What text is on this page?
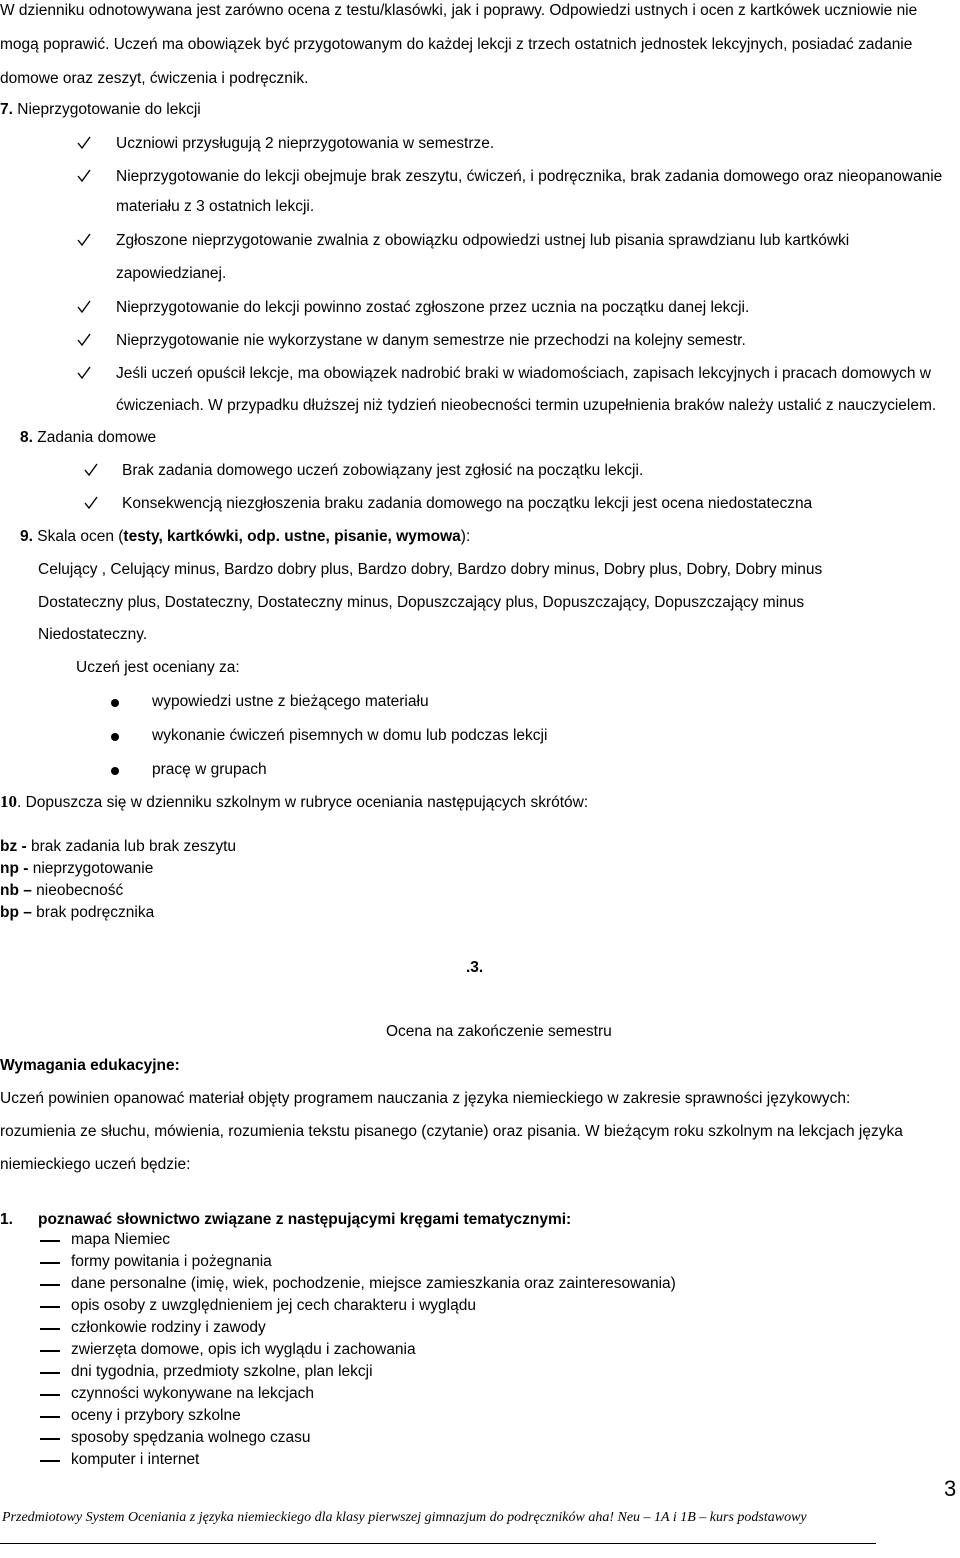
W dzienniku odnotowywana jest zarówno ocena z testu/klasówki, jak i poprawy. Odpowiedzi ustnych i ocen z kartkówek uczniowie nie
mogą poprawić. Uczeń ma obowiązek być przygotowanym do każdej lekcji z trzech ostatnich jednostek lekcyjnych, posiadać zadanie
domowe oraz zeszyt, ćwiczenia i podręcznik.
7. Nieprzygotowanie do lekcji
Uczniowi przysługują 2 nieprzygotowania w semestrze.
Nieprzygotowanie do lekcji obejmuje brak zeszytu, ćwiczeń, i podręcznika, brak zadania domowego oraz nieopanowanie
materiału z 3 ostatnich lekcji.
Zgłoszone nieprzygotowanie zwalnia z obowiązku odpowiedzi ustnej lub pisania sprawdzianu lub kartkówki
zapowiedzianej.
Nieprzygotowanie do lekcji powinno zostać zgłoszone przez ucznia na początku danej lekcji.
Nieprzygotowanie nie wykorzystane w danym semestrze nie przechodzi na kolejny semestr.
Jeśli uczeń opuścił lekcje, ma obowiązek nadrobić braki w wiadomościach, zapisach lekcyjnych i pracach domowych w
ćwiczeniach. W przypadku dłuższej niż tydzień nieobecności termin uzupełnienia braków należy ustalić z nauczycielem.
8. Zadania domowe
Brak zadania domowego uczeń zobowiązany jest zgłosić na początku lekcji.
Konsekwencją niezgłoszenia braku zadania domowego na początku lekcji jest ocena niedostateczna
9. Skala ocen (testy, kartkówki, odp. ustne, pisanie, wymowa):
Celujący , Celujący minus, Bardzo dobry plus, Bardzo dobry, Bardzo dobry minus, Dobry plus, Dobry, Dobry minus
Dostateczny plus, Dostateczny, Dostateczny minus, Dopuszczający plus, Dopuszczający, Dopuszczający minus
Niedostateczny.
Uczeń jest oceniany za:
wypowiedzi ustne z bieżącego materiału
wykonanie ćwiczeń pisemnych w domu lub podczas lekcji
pracę w grupach
10. Dopuszcza się w dzienniku szkolnym w rubryce oceniania następujących skrótów:
bz - brak zadania lub brak zeszytu
np - nieprzygotowanie
nb – nieobecność
bp – brak podręcznika
.3.
Ocena na zakończenie semestru
Wymagania edukacyjne:
Uczeń powinien opanować materiał objęty programem nauczania z języka niemieckiego w zakresie sprawności językowych:
rozumienia ze słuchu, mówienia, rozumienia tekstu pisanego (czytanie) oraz pisania. W bieżącym roku szkolnym na lekcjach języka
niemieckiego uczeń będzie:
1. poznawać słownictwo związane z następującymi kręgami tematycznymi:
mapa Niemiec
formy powitania i pożegnania
dane personalne (imię, wiek, pochodzenie, miejsce zamieszkania oraz zainteresowania)
opis osoby z uwzględnieniem jej cech charakteru i wyglądu
członkowie rodziny i zawody
zwierzęta domowe, opis ich wyglądu i zachowania
dni tygodnia, przedmioty szkolne, plan lekcji
czynności wykonywane na lekcjach
oceny i przybory szkolne
sposoby spędzania wolnego czasu
komputer i internet
3
Przedmiotowy System Oceniania z języka niemieckiego dla klasy pierwszej gimnazjum do podręczników aha! Neu – 1A i 1B – kurs podstawowy
